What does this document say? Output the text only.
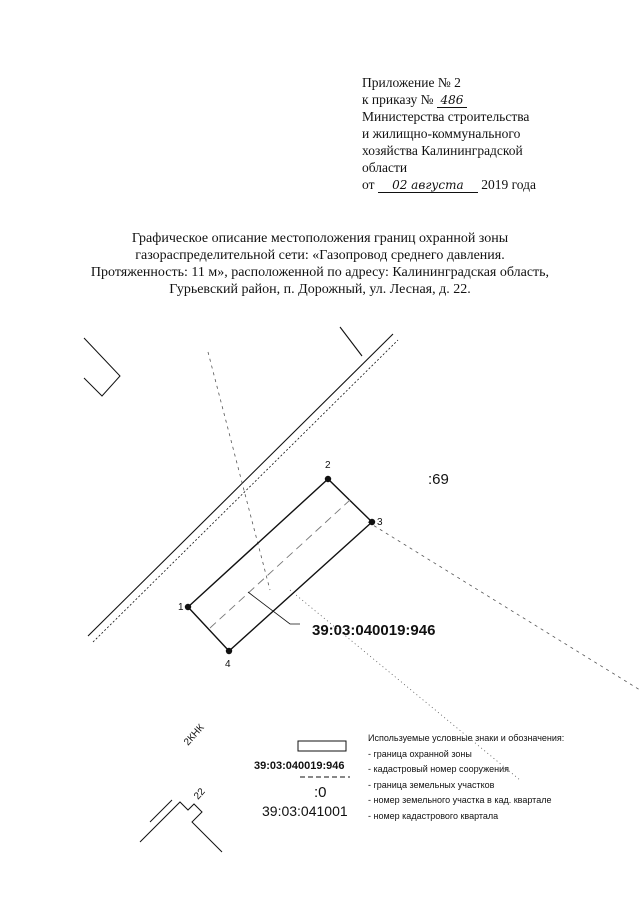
Приложение № 2
к приказу № 486
Министерства строительства
и жилищно-коммунального
хозяйства Калининградской
области
от 02 августа 2019 года
Графическое описание местоположения границ охранной зоны
газораспределительной сети: «Газопровод среднего давления.
Протяженность: 11 м», расположенной по адресу: Калининградская область,
Гурьевский район, п. Дорожный, ул. Лесная, д. 22.
1
2
3
4
:69
39:03:040019:946
2КНК
22
39:03:040019:946
:0
39:03:041001
Используемые условные знаки и обозначения:
- граница охранной зоны
- кадастровый номер сооружения
- граница земельных участков
- номер земельного участка в кад. квартале
- номер кадастрового квартала
